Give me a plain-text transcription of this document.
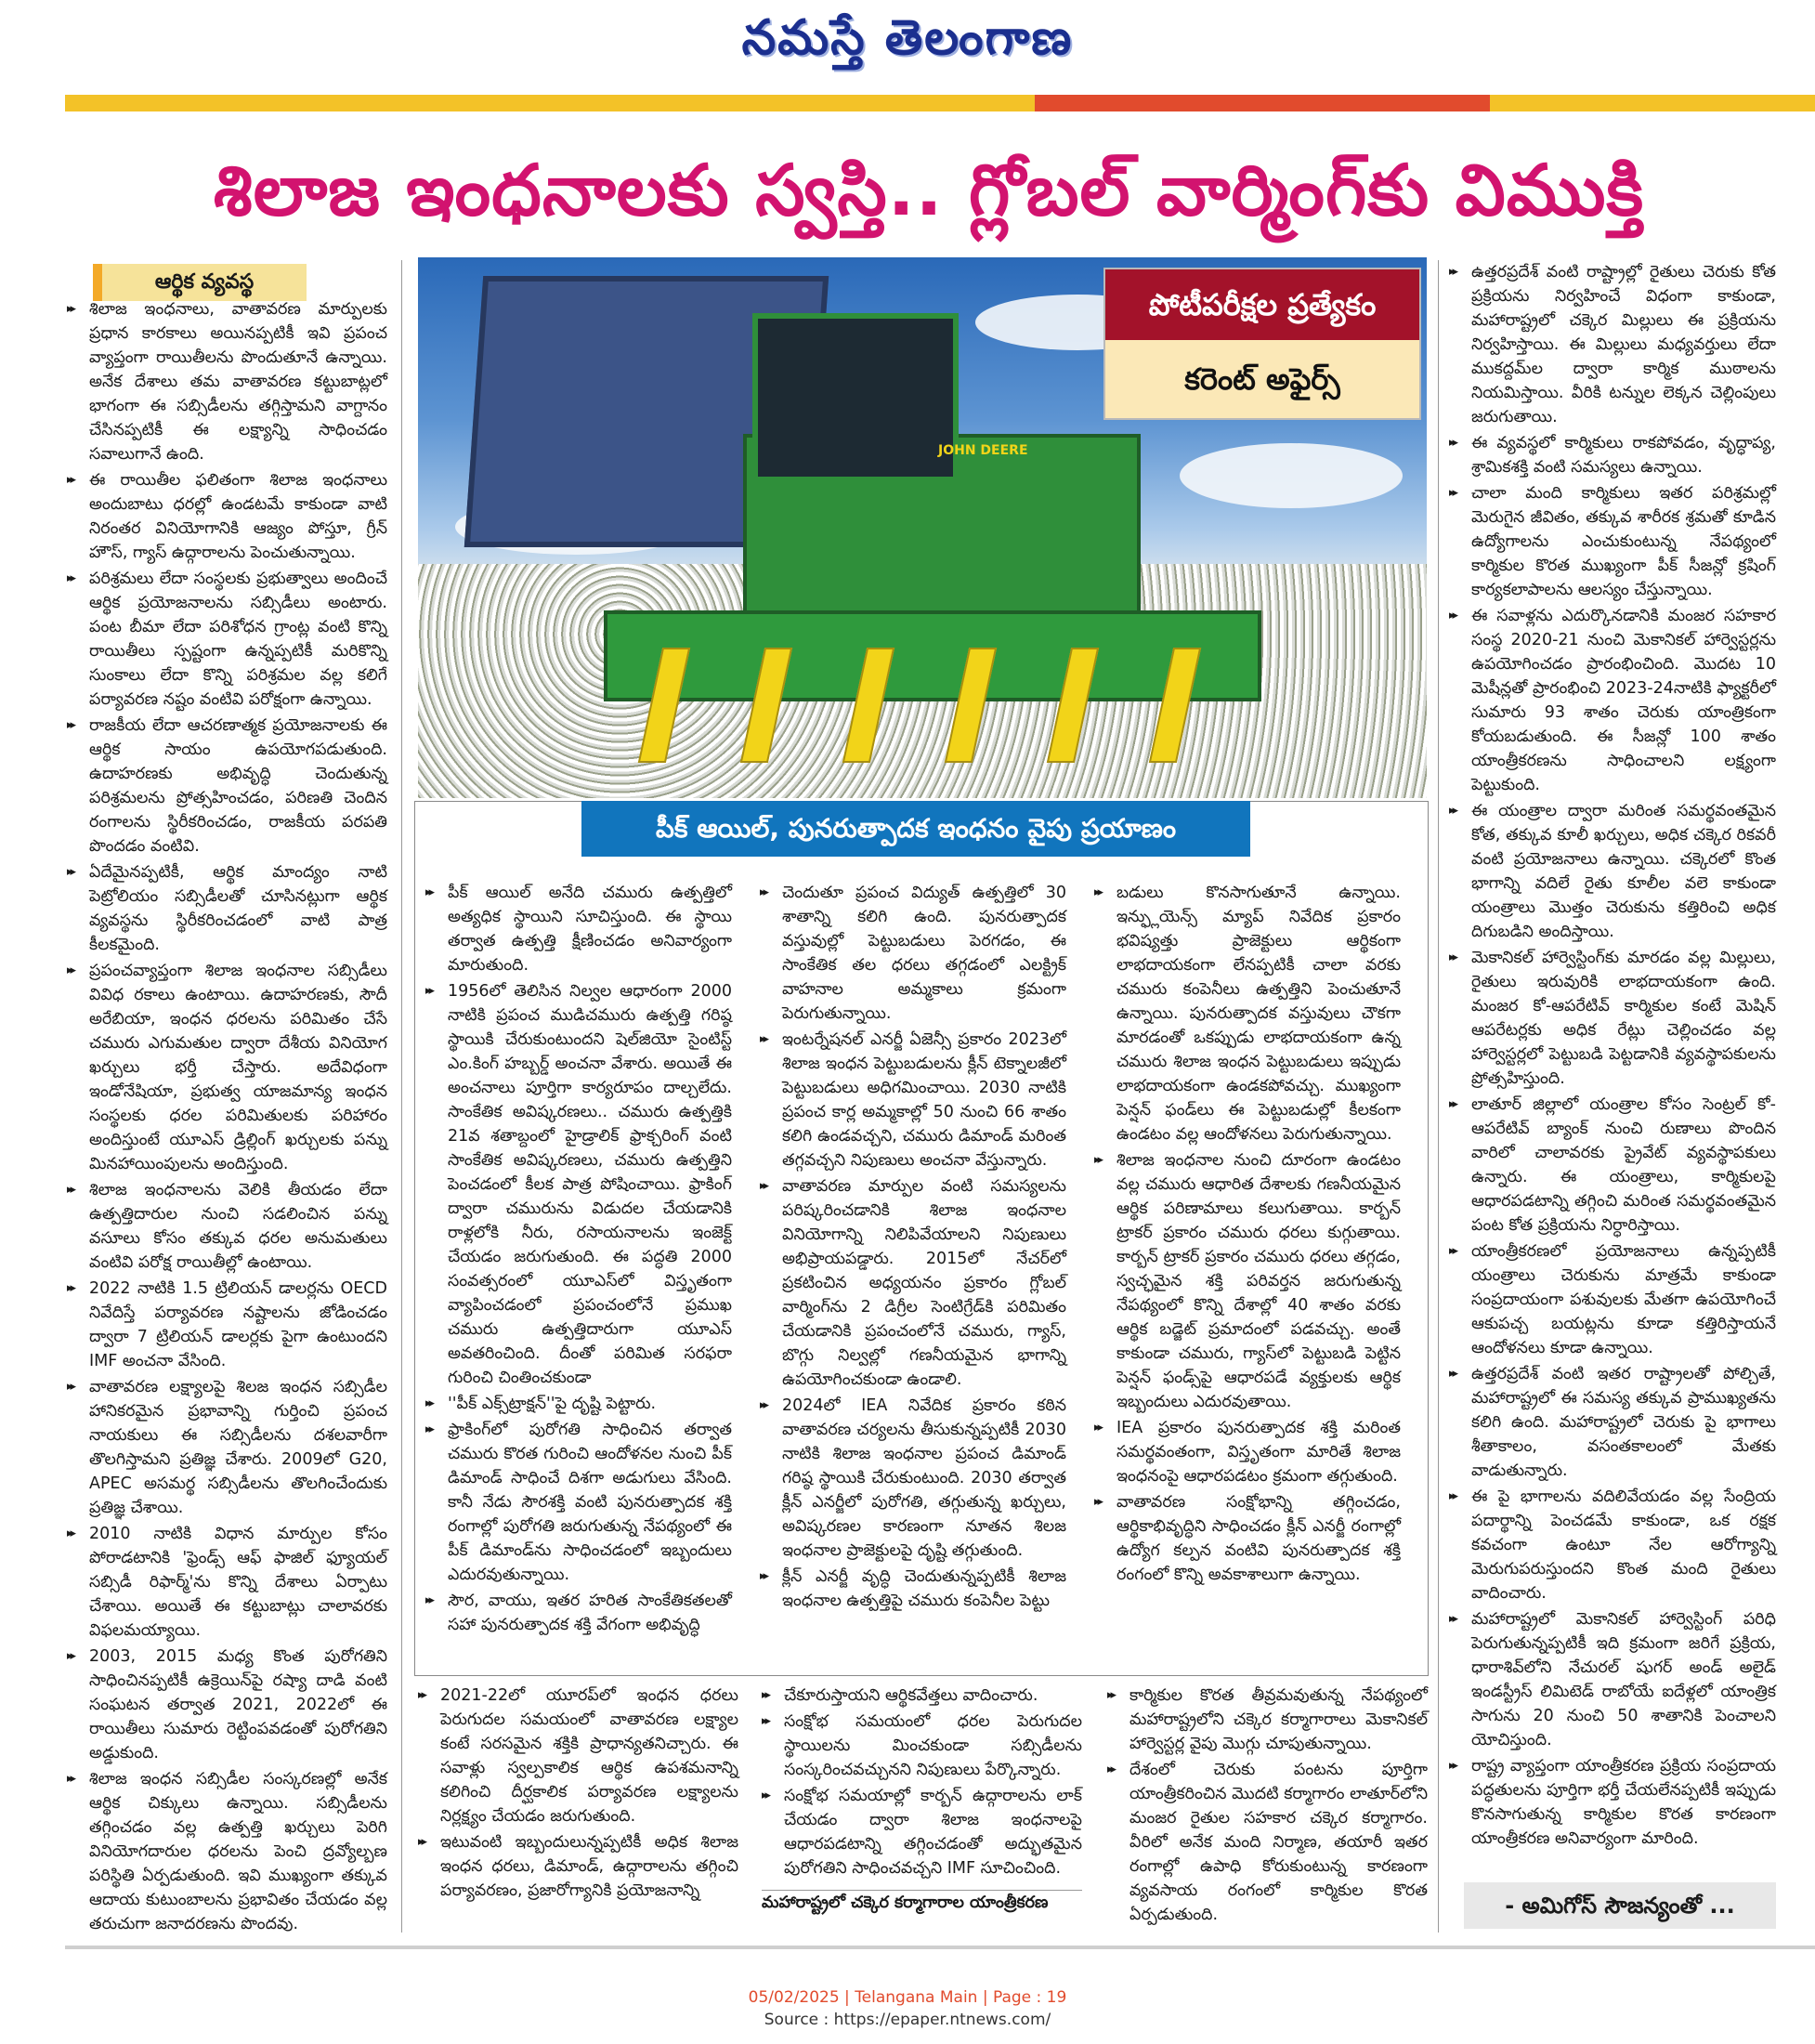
నమస్తే తెలంగాణ
శిలాజ ఇంధనాలకు స్వస్తి.. గ్లోబల్ వార్మింగ్‌కు విముక్తి
ఆర్థిక వ్యవస్థ

▸▸ శిలాజ ఇంధనాలు, వాతావరణ మార్పులకు ప్రధాన కారకాలు అయినప్పటికీ ఇవి ప్రపంచ వ్యాప్తంగా రాయితీలను పొందుతూనే ఉన్నాయి. అనేక దేశాలు తమ వాతావరణ కట్టుబాట్లలో భాగంగా ఈ సబ్సిడీలను తగ్గిస్తామని వాగ్దానం చేసినప్పటికీ ఈ లక్ష్యాన్ని సాధించడం సవాలుగానే ఉంది.

▸▸ ఈ రాయితీల ఫలితంగా శిలాజ ఇంధనాలు అందుబాటు ధరల్లో ఉండటమే కాకుండా వాటి నిరంతర వినియోగానికి ఆజ్యం పోస్తూ, గ్రీన్ హౌస్, గ్యాస్ ఉద్గారాలను పెంచుతున్నాయి.

▸▸ పరిశ్రమలు లేదా సంస్థలకు ప్రభుత్వాలు అందించే ఆర్థిక ప్రయోజనాలను సబ్సిడీలు అంటారు. పంట బీమా లేదా పరిశోధన గ్రాంట్ల వంటి కొన్ని రాయితీలు స్పష్టంగా ఉన్నప్పటికీ మరికొన్ని సుంకాలు లేదా కొన్ని పరిశ్రమల వల్ల కలిగే పర్యావరణ నష్టం వంటివి పరోక్షంగా ఉన్నాయి.

▸▸ రాజకీయ లేదా ఆచరణాత్మక ప్రయోజనాలకు ఈ ఆర్థిక సాయం ఉపయోగపడుతుంది. ఉదాహరణకు అభివృద్ధి చెందుతున్న పరిశ్రమలను ప్రోత్సహించడం, పరిణతి చెందిన రంగాలను స్థిరీకరించడం, రాజకీయ పరపతి పొందడం వంటివి.

▸▸ ఏదేమైనప్పటికీ, ఆర్థిక మాంద్యం నాటి పెట్రోలియం సబ్సిడీలతో చూసినట్లుగా ఆర్థిక వ్యవస్థను స్థిరీకరించడంలో వాటి పాత్ర కీలకమైంది.

▸▸ ప్రపంచవ్యాప్తంగా శిలాజ ఇంధనాల సబ్సిడీలు వివిధ రకాలు ఉంటాయి. ఉదాహరణకు, సౌదీ అరేబియా, ఇంధన ధరలను పరిమితం చేసే చమురు ఎగుమతుల ద్వారా దేశీయ వినియోగ ఖర్చులు భర్తీ చేస్తారు. అదేవిధంగా ఇండోనేషియా, ప్రభుత్వ యాజమాన్య ఇంధన సంస్థలకు ధరల పరిమితులకు పరిహారం అందిస్తుంటే యూఎస్ డ్రిల్లింగ్ ఖర్చులకు పన్ను మినహాయింపులను అందిస్తుంది.

▸▸ శిలాజ ఇంధనాలను వెలికి తీయడం లేదా ఉత్పత్తిదారుల నుంచి సడలించిన పన్ను వసూలు కోసం తక్కువ ధరల అనుమతులు వంటివి పరోక్ష రాయితీల్లో ఉంటాయి.

▸▸ 2022 నాటికి 1.5 ట్రిలియన్ డాలర్లను OECD నివేదిస్తే పర్యావరణ నష్టాలను జోడించడం ద్వారా 7 ట్రిలియన్ డాలర్లకు పైగా ఉంటుందని IMF అంచనా వేసింది.

▸▸ వాతావరణ లక్ష్యాలపై శిలజ ఇంధన సబ్సిడీల హానికరమైన ప్రభావాన్ని గుర్తించి ప్రపంచ నాయకులు ఈ సబ్సిడీలను దశలవారీగా తొలగిస్తామని ప్రతిజ్ఞ చేశారు. 2009లో G20, APEC అసమర్థ సబ్సిడీలను తొలగించేందుకు ప్రతిజ్ఞ చేశాయి.

▸▸ 2010 నాటికి విధాన మార్పుల కోసం పోరాడటానికి 'ఫ్రెండ్స్ ఆఫ్ ఫాజిల్ ఫ్యూయల్ సబ్సిడీ రిఫార్మ్'ను కొన్ని దేశాలు ఏర్పాటు చేశాయి. అయితే ఈ కట్టుబాట్లు చాలావరకు విఫలమయ్యాయి.

▸▸ 2003, 2015 మధ్య కొంత పురోగతిని సాధించినప్పటికీ ఉక్రెయిన్‌పై రష్యా దాడి వంటి సంఘటన తర్వాత 2021, 2022లో ఈ రాయితీలు సుమారు రెట్టింపవడంతో పురోగతిని అడ్డుకుంది.

▸▸ శిలాజ ఇంధన సబ్సిడీల సంస్కరణల్లో అనేక ఆర్థిక చిక్కులు ఉన్నాయి. సబ్సిడీలను తగ్గించడం వల్ల ఉత్పత్తి ఖర్చులు పెరిగి వినియోగదారుల ధరలను పెంచి ద్రవ్యోల్బణ పరిస్థితి ఏర్పడుతుంది. ఇవి ముఖ్యంగా తక్కువ ఆదాయ కుటుంబాలను ప్రభావితం చేయడం వల్ల తరుచుగా జనాదరణను పొందవు.

JOHN DEERE
పోటీపరీక్షల ప్రత్యేకం
కరెంట్ అఫైర్స్
పీక్ ఆయిల్, పునరుత్పాదక ఇంధనం వైపు ప్రయాణం

▸▸ పీక్ ఆయిల్ అనేది చమురు ఉత్పత్తిలో అత్యధిక స్థాయిని సూచిస్తుంది. ఈ స్థాయి తర్వాత ఉత్పత్తి క్షీణించడం అనివార్యంగా మారుతుంది.

▸▸ 1956లో తెలిసిన నిల్వల ఆధారంగా 2000 నాటికి ప్రపంచ ముడిచమురు ఉత్పత్తి గరిష్ఠ స్థాయికి చేరుకుంటుందని షెల్‌జియో సైంటిస్ట్ ఎం.కింగ్ హబ్బర్డ్ అంచనా వేశారు. అయితే ఈ అంచనాలు పూర్తిగా కార్యరూపం దాల్చలేదు. సాంకేతిక అవిష్కరణలు.. చమురు ఉత్పత్తికి 21వ శతాబ్దంలో హైడ్రాలిక్ ఫ్రాక్చరింగ్ వంటి సాంకేతిక అవిష్కరణలు, చమురు ఉత్పత్తిని పెంచడంలో కీలక పాత్ర పోషించాయి. ఫ్రాకింగ్ ద్వారా చమురును విడుదల చేయడానికి రాళ్లలోకి నీరు, రసాయనాలను ఇంజెక్ట్ చేయడం జరుగుతుంది. ఈ పద్ధతి 2000 సంవత్సరంలో యూఎస్‌లో విస్తృతంగా వ్యాపించడంలో ప్రపంచంలోనే ప్రముఖ చమురు ఉత్పత్తిదారుగా యూఎస్ అవతరించింది. దీంతో పరిమిత సరఫరా గురించి చింతించకుండా

▸▸ ''పీక్ ఎక్స్‌ట్రాక్షన్''పై దృష్టి పెట్టారు.

▸▸ ఫ్రాకింగ్‌లో పురోగతి సాధించిన తర్వాత చమురు కొరత గురించి ఆందోళనల నుంచి పీక్ డిమాండ్ సాధించే దిశగా అడుగులు వేసింది. కానీ నేడు సౌరశక్తి వంటి పునరుత్పాదక శక్తి రంగాల్లో పురోగతి జరుగుతున్న నేపథ్యంలో ఈ పీక్ డిమాండ్‌ను సాధించడంలో ఇబ్బందులు ఎదురవుతున్నాయి.

▸▸ సౌర, వాయు, ఇతర హరిత సాంకేతికతలతో సహా పునరుత్పాదక శక్తి వేగంగా అభివృద్ధి

▸▸ చెందుతూ ప్రపంచ విద్యుత్ ఉత్పత్తిలో 30 శాతాన్ని కలిగి ఉంది. పునరుత్పాదక వస్తువుల్లో పెట్టుబడులు పెరగడం, ఈ సాంకేతిక తల ధరలు తగ్గడంలో ఎలక్ట్రిక్ వాహనాల అమ్మకాలు క్రమంగా పెరుగుతున్నాయి.

▸▸ ఇంటర్నేషనల్ ఎనర్జీ ఏజెన్సీ ప్రకారం 2023లో శిలాజ ఇంధన పెట్టుబడులను క్లీన్ టెక్నాలజీలో పెట్టుబడులు అధిగమించాయి. 2030 నాటికి ప్రపంచ కార్ల అమ్మకాల్లో 50 నుంచి 66 శాతం కలిగి ఉండవచ్చని, చమురు డిమాండ్ మరింత తగ్గవచ్చని నిపుణులు అంచనా వేస్తున్నారు.

▸▸ వాతావరణ మార్పుల వంటి సమస్యలను పరిష్కరించడానికి శిలాజ ఇంధనాల వినియోగాన్ని నిలిపివేయాలని నిపుణులు అభిప్రాయపడ్డారు. 2015లో నేచర్‌లో ప్రకటించిన అధ్యయనం ప్రకారం గ్లోబల్ వార్మింగ్‌ను 2 డిగ్రీల సెంటిగ్రేడ్‌కి పరిమితం చేయడానికి ప్రపంచంలోనే చమురు, గ్యాస్, బొగ్గు నిల్వల్లో గణనీయమైన భాగాన్ని ఉపయోగించకుండా ఉండాలి.

▸▸ 2024లో IEA నివేదిక ప్రకారం కఠిన వాతావరణ చర్యలను తీసుకున్నప్పటికీ 2030 నాటికి శిలాజ ఇంధనాల ప్రపంచ డిమాండ్ గరిష్ఠ స్థాయికి చేరుకుంటుంది. 2030 తర్వాత క్లీన్ ఎనర్జీలో పురోగతి, తగ్గుతున్న ఖర్చులు, అవిష్కరణల కారణంగా నూతన శిలజ ఇంధనాల ప్రాజెక్టులపై దృష్టి తగ్గుతుంది.

▸▸ క్లీన్ ఎనర్జీ వృద్ధి చెందుతున్నప్పటికీ శిలాజ ఇంధనాల ఉత్పత్తిపై చమురు కంపెనీల పెట్టు

▸▸ బడులు కొనసాగుతూనే ఉన్నాయి. ఇన్ఫ్లుయెన్స్ మ్యాప్ నివేదిక ప్రకారం భవిష్యత్తు ప్రాజెక్టులు ఆర్థికంగా లాభదాయకంగా లేనప్పటికీ చాలా వరకు చమురు కంపెనీలు ఉత్పత్తిని పెంచుతూనే ఉన్నాయి. పునరుత్పాదక వస్తువులు చౌకగా మారడంతో ఒకప్పుడు లాభదాయకంగా ఉన్న చమురు శిలాజ ఇంధన పెట్టుబడులు ఇప్పుడు లాభదాయకంగా ఉండకపోవచ్చు. ముఖ్యంగా పెన్షన్ ఫండ్‌లు ఈ పెట్టుబడుల్లో కీలకంగా ఉండటం వల్ల ఆందోళనలు పెరుగుతున్నాయి.

▸▸ శిలాజ ఇంధనాల నుంచి దూరంగా ఉండటం వల్ల చమురు ఆధారిత దేశాలకు గణనీయమైన ఆర్థిక పరిణామాలు కలుగుతాయి. కార్బన్ ట్రాకర్ ప్రకారం చమురు ధరలు కుగ్గుతాయి. కార్బన్ ట్రాకర్ ప్రకారం చమురు ధరలు తగ్గడం, స్వచ్ఛమైన శక్తి పరివర్తన జరుగుతున్న నేపథ్యంలో కొన్ని దేశాల్లో 40 శాతం వరకు ఆర్థిక బడ్జెట్ ప్రమాదంలో పడవచ్చు. అంతే కాకుండా చమురు, గ్యాస్‌లో పెట్టుబడి పెట్టిన పెన్షన్ ఫండ్స్‌పై ఆధారపడే వ్యక్తులకు ఆర్థిక ఇబ్బందులు ఎదురవుతాయి.

▸▸ IEA ప్రకారం పునరుత్పాదక శక్తి మరింత సమర్థవంతంగా, విస్తృతంగా మారితే శిలాజ ఇంధనంపై ఆధారపడటం క్రమంగా తగ్గుతుంది.

▸▸ వాతావరణ సంక్షోభాన్ని తగ్గించడం, ఆర్థికాభివృద్ధిని సాధించడం క్లీన్ ఎనర్జీ రంగాల్లో ఉద్యోగ కల్పన వంటివి పునరుత్పాదక శక్తి రంగంలో కొన్ని అవకాశాలుగా ఉన్నాయి.

▸▸ 2021-22లో యూరప్‌లో ఇంధన ధరలు పెరుగుదల సమయంలో వాతావరణ లక్ష్యాల కంటే సరసమైన శక్తికి ప్రాధాన్యతనిచ్చారు. ఈ సవాళ్లు స్వల్పకాలిక ఆర్థిక ఉపశమనాన్ని కలిగించి దీర్ఘకాలిక పర్యావరణ లక్ష్యాలను నిర్లక్ష్యం చేయడం జరుగుతుంది.

▸▸ ఇటువంటి ఇబ్బందులున్నప్పటికీ అధిక శిలాజ ఇంధన ధరలు, డిమాండ్, ఉద్గారాలను తగ్గించి పర్యావరణం, ప్రజారోగ్యానికి ప్రయోజనాన్ని

▸▸ చేకూరుస్తాయని ఆర్థికవేత్తలు వాదించారు.

▸▸ సంక్షోభ సమయంలో ధరల పెరుగుదల స్థాయిలను మించకుండా సబ్సిడీలను సంస్కరించవచ్చునని నిపుణులు పేర్కొన్నారు.

▸▸ సంక్షోభ సమయాల్లో కార్బన్ ఉద్గారాలను లాక్ చేయడం ద్వారా శిలాజ ఇంధనాలపై ఆధారపడటాన్ని తగ్గించడంతో అద్భుతమైన పురోగతిని సాధించవచ్చని IMF సూచించింది.

మహారాష్ట్రలో చక్కెర కర్మాగారాల యాంత్రీకరణ

▸▸ కార్మికుల కొరత తీవ్రమవుతున్న నేపథ్యంలో మహారాష్ట్రలోని చక్కెర కర్మాగారాలు మెకానికల్ హార్వెస్టర్ల వైపు మొగ్గు చూపుతున్నాయి.

▸▸ దేశంలో చెరుకు పంటను పూర్తిగా యాంత్రీకరించిన మొదటి కర్మాగారం లాతూర్‌లోని మంజర రైతుల సహకార చక్కెర కర్మాగారం. వీరిలో అనేక మంది నిర్మాణ, తయారీ ఇతర రంగాల్లో ఉపాధి కోరుకుంటున్న కారణంగా వ్యవసాయ రంగంలో కార్మికుల కొరత ఏర్పడుతుంది.

▸▸ ఉత్తరప్రదేశ్ వంటి రాష్ట్రాల్లో రైతులు చెరుకు కోత ప్రక్రియను నిర్వహించే విధంగా కాకుండా, మహారాష్ట్రలో చక్కెర మిల్లులు ఈ ప్రక్రియను నిర్వహిస్తాయి. ఈ మిల్లులు మధ్యవర్తులు లేదా ముకద్దమ్‌ల ద్వారా కార్మిక ముఠాలను నియమిస్తాయి. వీరికి టన్నుల లెక్కన చెల్లింపులు జరుగుతాయి.

▸▸ ఈ వ్యవస్థలో కార్మికులు రాకపోవడం, వృద్ధాప్య, శ్రామికశక్తి వంటి సమస్యలు ఉన్నాయి.

▸▸ చాలా మంది కార్మికులు ఇతర పరిశ్రమల్లో మెరుగైన జీవితం, తక్కువ శారీరక శ్రమతో కూడిన ఉద్యోగాలను ఎంచుకుంటున్న నేపథ్యంలో కార్మికుల కొరత ముఖ్యంగా పీక్ సీజన్లో క్రషింగ్ కార్యకలాపాలను ఆలస్యం చేస్తున్నాయి.

▸▸ ఈ సవాళ్లను ఎదుర్కొనడానికి మంజర సహకార సంస్థ 2020-21 నుంచి మెకానికల్ హార్వెస్టర్లను ఉపయోగించడం ప్రారంభించింది. మొదట 10 మెషీన్లతో ప్రారంభించి 2023-24నాటికి ఫ్యాక్టరీలో సుమారు 93 శాతం చెరుకు యాంత్రికంగా కోయబడుతుంది. ఈ సీజన్లో 100 శాతం యాంత్రీకరణను సాధించాలని లక్ష్యంగా పెట్టుకుంది.

▸▸ ఈ యంత్రాల ద్వారా మరింత సమర్థవంతమైన కోత, తక్కువ కూలీ ఖర్చులు, అధిక చక్కెర రికవరీ వంటి ప్రయోజనాలు ఉన్నాయి. చక్కెరలో కొంత భాగాన్ని వదిలే రైతు కూలీల వలె కాకుండా యంత్రాలు మొత్తం చెరుకును కత్తిరించి అధిక దిగుబడిని అందిస్తాయి.

▸▸ మెకానికల్ హార్వెస్టింగ్‌కు మారడం వల్ల మిల్లులు, రైతులు ఇరువురికి లాభదాయకంగా ఉంది. మంజర కో-ఆపరేటివ్ కార్మికుల కంటే మెషిన్ ఆపరేటర్లకు అధిక రేట్లు చెల్లించడం వల్ల హార్వెస్టర్లలో పెట్టుబడి పెట్టడానికి వ్యవస్థాపకులను ప్రోత్సహిస్తుంది.

▸▸ లాతూర్ జిల్లాలో యంత్రాల కోసం సెంట్రల్ కో-ఆపరేటివ్ బ్యాంక్ నుంచి రుణాలు పొందిన వారిలో చాలావరకు ప్రైవేట్ వ్యవస్థాపకులు ఉన్నారు. ఈ యంత్రాలు, కార్మికులపై ఆధారపడటాన్ని తగ్గించి మరింత సమర్థవంతమైన పంట కోత ప్రక్రియను నిర్ధారిస్తాయి.

▸▸ యాంత్రీకరణలో ప్రయోజనాలు ఉన్నప్పటికీ యంత్రాలు చెరుకును మాత్రమే కాకుండా సంప్రదాయంగా పశువులకు మేతగా ఉపయోగించే ఆకుపచ్చ బయట్లను కూడా కత్తిరిస్తాయనే ఆందోళనలు కూడా ఉన్నాయి.

▸▸ ఉత్తరప్రదేశ్ వంటి ఇతర రాష్ట్రాలతో పోల్చితే, మహారాష్ట్రలో ఈ సమస్య తక్కువ ప్రాముఖ్యతను కలిగి ఉంది. మహారాష్ట్రలో చెరుకు పై భాగాలు శీతాకాలం, వసంతకాలంలో మేతకు వాడుతున్నారు.

▸▸ ఈ పై భాగాలను వదిలివేయడం వల్ల సేంద్రియ పదార్థాన్ని పెంచడమే కాకుండా, ఒక రక్షక కవచంగా ఉంటూ నేల ఆరోగ్యాన్ని మెరుగుపరుస్తుందని కొంత మంది రైతులు వాదించారు.

▸▸ మహారాష్ట్రలో మెకానికల్ హార్వెస్టింగ్ పరిధి పెరుగుతున్నప్పటికీ ఇది క్రమంగా జరిగే ప్రక్రియ, ధారాశివ్‌లోని నేచురల్ షుగర్ అండ్ అలైడ్ ఇండస్ట్రీస్ లిమిటెడ్ రాబోయే ఐదేళ్లలో యాంత్రిక సాగును 20 నుంచి 50 శాతానికి పెంచాలని యోచిస్తుంది.

▸▸ రాష్ట్ర వ్యాప్తంగా యాంత్రీకరణ ప్రక్రియ సంప్రదాయ పద్ధతులను పూర్తిగా భర్తీ చేయలేనప్పటికీ ఇప్పుడు కొనసాగుతున్న కార్మికుల కొరత కారణంగా యాంత్రీకరణ అనివార్యంగా మారింది.

- అమిగోస్ సౌజన్యంతో ...
05/02/2025 | Telangana Main | Page : 19
Source : https://epaper.ntnews.com/
